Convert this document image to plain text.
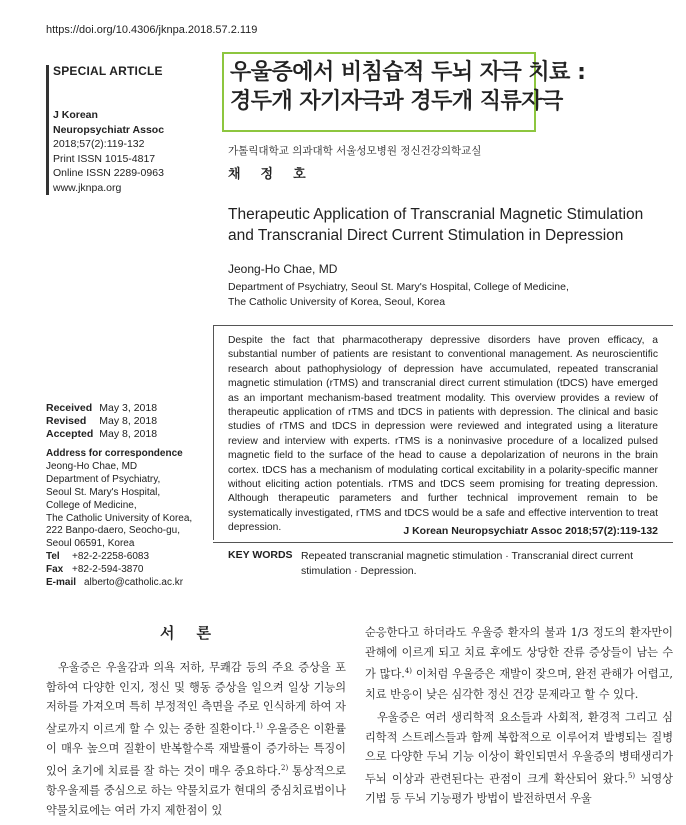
https://doi.org/10.4306/jknpa.2018.57.2.119
SPECIAL ARTICLE
J Korean
Neuropsychiatr Assoc
2018;57(2):119-132
Print ISSN 1015-4817
Online ISSN 2289-0963
www.jknpa.org
우울증에서 비침습적 두뇌 자극 치료 :
경두개 자기자극과 경두개 직류자극
가톨릭대학교 의과대학 서울성모병원 정신건강의학교실
채정호
Therapeutic Application of Transcranial Magnetic Stimulation and Transcranial Direct Current Stimulation in Depression
Jeong-Ho Chae, MD
Department of Psychiatry, Seoul St. Mary's Hospital, College of Medicine,
The Catholic University of Korea, Seoul, Korea
Despite the fact that pharmacotherapy depressive disorders have proven efficacy, a substantial number of patients are resistant to conventional management. As neuroscientific research about pathophysiology of depression have accumulated, repeated transcranial magnetic stimulation (rTMS) and transcranial direct current stimulation (tDCS) have emerged as an important mechanism-based treatment modality. This overview provides a review of therapeutic application of rTMS and tDCS in patients with depression. The clinical and basic studies of rTMS and tDCS in depression were reviewed and integrated using a literature review and interview with experts. rTMS is a noninvasive procedure of a localized pulsed magnetic field to the surface of the head to cause a depolarization of neurons in the brain cortex. tDCS has a mechanism of modulating cortical excitability in a polarity-specific manner without eliciting action potentials. rTMS and tDCS seem promising for treating depression. Although therapeutic parameters and further technical improvement remain to be systematically investigated, rTMS and tDCS would be a safe and effective intervention to treat depression.	J Korean Neuropsychiatr Assoc 2018;57(2):119-132
KEY WORDS Repeated transcranial magnetic stimulation · Transcranial direct current stimulation · Depression.
Received	May 3, 2018
Revised	May 8, 2018
Accepted	May 8, 2018
Address for correspondence
Jeong-Ho Chae, MD
Department of Psychiatry,
Seoul St. Mary's Hospital,
College of Medicine,
The Catholic University of Korea,
222 Banpo-daero, Seocho-gu,
Seoul 06591, Korea
Tel +82-2-2258-6083
Fax +82-2-594-3870
E-mail alberto@catholic.ac.kr
서론

우울증은 우울감과 의욕 저하, 무쾌감 등의 주요 증상을 포함하여 다양한 인지, 정신 및 행동 증상을 일으켜 일상 기능의 저하를 가져오며 특히 부정적인 측면을 주로 인식하게 하여 자살로까지 이르게 할 수 있는 중한 질환이다.$^{1)}$ 우울증은 이환률이 매우 높으며 질환이 반복할수록 재발률이 증가하는 특징이 있어 초기에 치료를 잘 하는 것이 매우 중요하다.$^{2)}$ 통상적으로 항우울제를 중심으로 하는 약물치료가 현대의 중심치료법이나 약물치료에는 여러 가지 제한점이 있

순응한다고 하더라도 우울증 환자의 불과 1/3 정도의 환자만이 관해에 이르게 되고 치료 후에도 상당한 잔류 증상들이 남는 수가 많다.$^{4)}$ 이처럼 우울증은 재발이 잦으며, 완전 관해가 어렵고, 치료 반응이 낮은 심각한 정신 건강 문제라고 할 수 있다.

우울증은 여러 생리학적 요소들과 사회적, 환경적 그리고 심리학적 스트레스들과 함께 복합적으로 이루어져 발병되는 질병으로 다양한 두뇌 기능 이상이 확인되면서 우울증의 병태생리가 두뇌 이상과 관련된다는 관점이 크게 확산되어 왔다.$^{5)}$ 뇌영상 기법 등 두뇌 기능평가 방법이 발전하면서 우울
